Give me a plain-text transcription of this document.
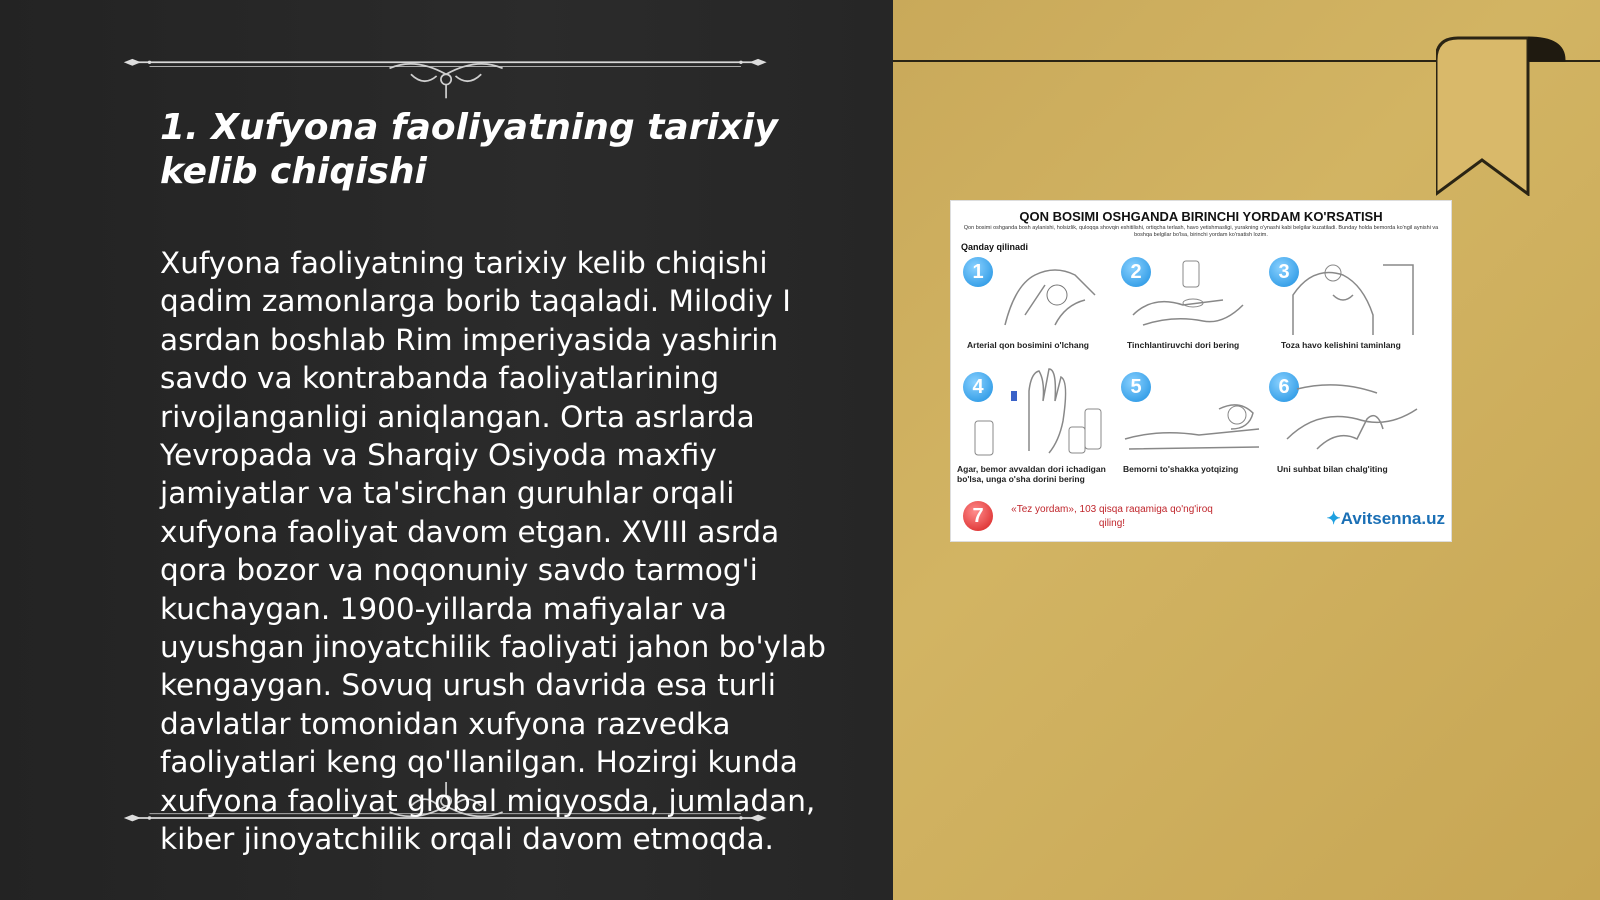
1. Xufyona faoliyatning tarixiy kelib chiqishi

Xufyona faoliyatning tarixiy kelib chiqishi qadim zamonlarga borib taqaladi. Milodiy I asrdan boshlab Rim imperiyasida yashirin savdo va kontrabanda faoliyatlarining rivojlanganligi aniqlangan. Orta asrlarda Yevropada va Sharqiy Osiyoda maxfiy jamiyatlar va ta'sirchan guruhlar orqali xufyona faoliyat davom etgan. XVIII asrda qora bozor va noqonuniy savdo tarmog'i kuchaygan. 1900-yillarda mafiyalar va uyushgan jinoyatchilik faoliyati jahon bo'ylab kengaygan. Sovuq urush davrida esa turli davlatlar tomonidan xufyona razvedka faoliyatlari keng qo'llanilgan. Hozirgi kunda xufyona faoliyat global miqyosda, jumladan, kiber jinoyatchilik orqali davom etmoqda.

QON BOSIMI OSHGANDA BIRINCHI YORDAM KO'RSATISH
Qon bosimi oshganda bosh aylanishi, holsizlik, quloqqa shovqin eshitilishi, ortiqcha terlash, havo yetishmasligi, yurakning o'ynashi kabi belgilar kuzatiladi. Bunday holda bemorda ko'ngil aynishi va boshqa belgilar bo'lsa, birinchi yordam ko'rsatish lozim.
Qanday qilinadi
1
Arterial qon bosimini o'lchang
2
Tinchlantiruvchi dori bering
3
Toza havo kelishini taminlang
4
Agar, bemor avvaldan dori ichadigan bo'lsa, unga o'sha dorini bering
5
Bemorni to'shakka yotqizing
6
Uni suhbat bilan chalg'iting
7	«Tez yordam», 103 qisqa raqamiga qo'ng'iroq qiling!	✦Avitsenna.uz
